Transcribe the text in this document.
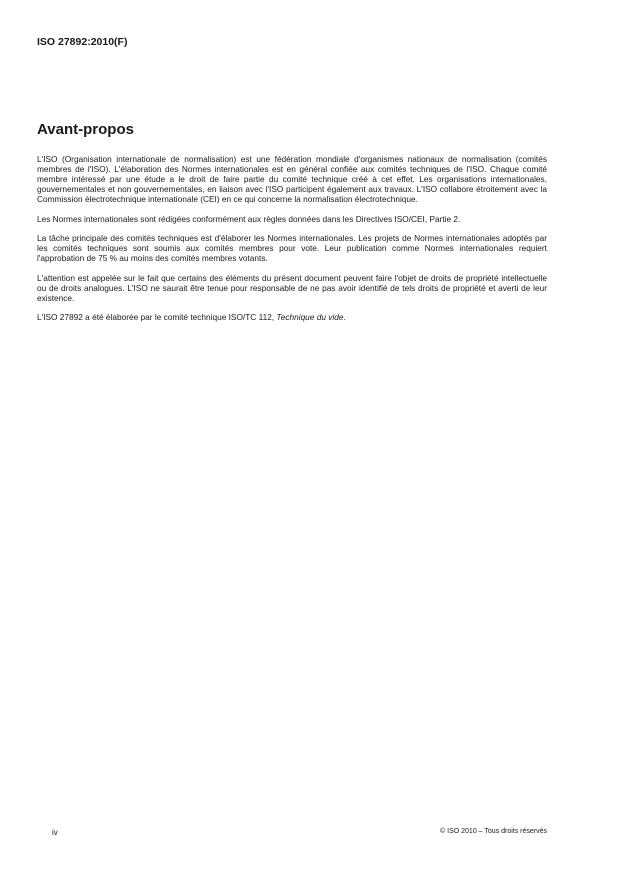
ISO 27892:2010(F)
Avant-propos

L'ISO (Organisation internationale de normalisation) est une fédération mondiale d'organismes nationaux de normalisation (comités membres de l'ISO). L'élaboration des Normes internationales est en général confiée aux comités techniques de l'ISO. Chaque comité membre intéressé par une étude a le droit de faire partie du comité technique créé à cet effet. Les organisations internationales, gouvernementales et non gouvernementales, en liaison avec l'ISO participent également aux travaux. L'ISO collabore étroitement avec la Commission électrotechnique internationale (CEI) en ce qui concerne la normalisation électrotechnique.

Les Normes internationales sont rédigées conformément aux règles données dans les Directives ISO/CEI, Partie 2.

La tâche principale des comités techniques est d'élaborer les Normes internationales. Les projets de Normes internationales adoptés par les comités techniques sont soumis aux comités membres pour vote. Leur publication comme Normes internationales requiert l'approbation de 75 % au moins des comités membres votants.

L'attention est appelée sur le fait que certains des éléments du présent document peuvent faire l'objet de droits de propriété intellectuelle ou de droits analogues. L'ISO ne saurait être tenue pour responsable de ne pas avoir identifié de tels droits de propriété et averti de leur existence.

L'ISO 27892 a été élaborée par le comité technique ISO/TC 112, Technique du vide.

iv	© ISO 2010 – Tous droits réservés
